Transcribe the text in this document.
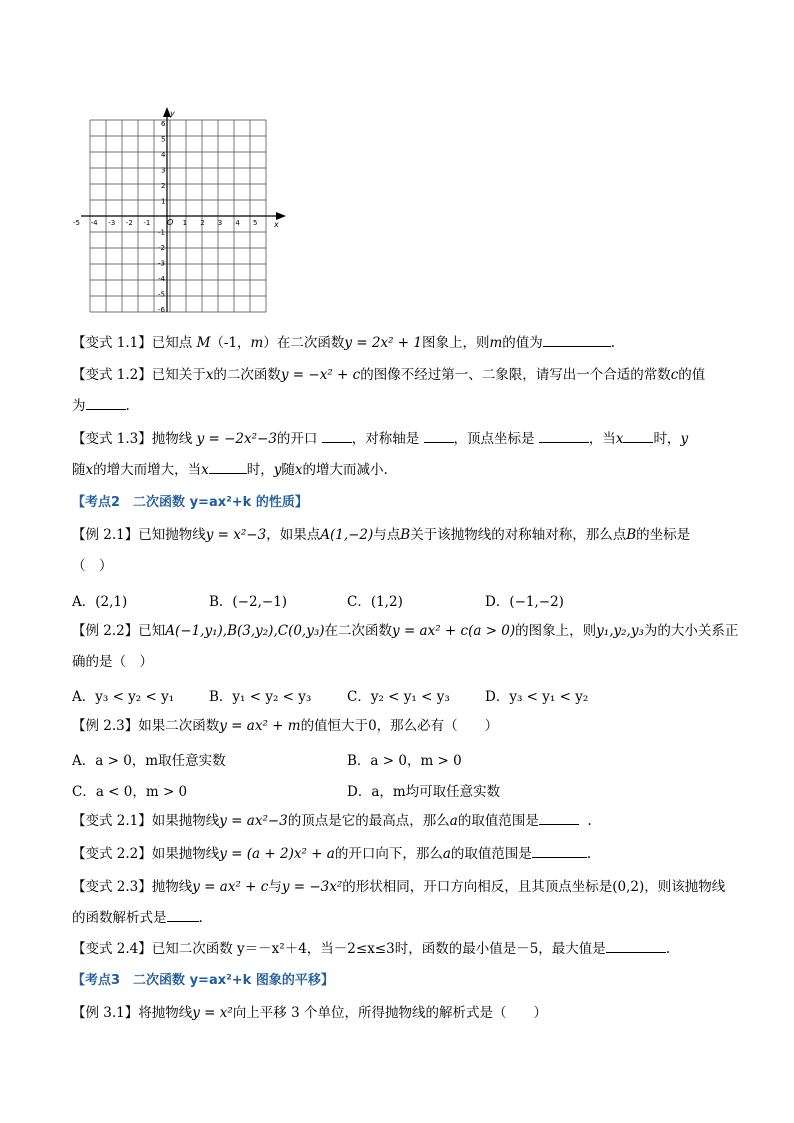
x
y
O
-5 -4 -3 -2 -1	1 2 3 4 5
6
5
4
3
2
1
-1
-2
-3
-4
-5
-6
【变式 1.1】已知点 M（-1，m）在二次函数y = 2x² + 1图象上，则m的值为	.
【变式 1.2】已知关于x的二次函数y = −x² + c的图像不经过第一、二象限，请写出一个合适的常数c的值
为	.
【变式 1.3】抛物线 y = −2x²−3的开口	，对称轴是	，顶点坐标是	，当x 时，y
随x的增大而增大，当x	时，y随x的增大而减小.
【考点2　二次函数 y=ax²+k 的性质】
【例 2.1】已知抛物线y = x²−3，如果点A(1,−2)与点B关于该抛物线的对称轴对称，那么点B的坐标是
（　）
A．(2,1)	B．(−2,−1)	C．(1,2)	D．(−1,−2)
【例 2.2】已知A(−1,y₁),B(3,y₂),C(0,y₃)在二次函数y = ax² + c(a > 0)的图象上，则y₁,y₂,y₃为的大小关系正
确的是（　）
A．y₃ < y₂ < y₁	B．y₁ < y₂ < y₃	C．y₂ < y₁ < y₃	D．y₃ < y₁ < y₂
【例 2.3】如果二次函数y = ax² + m的值恒大于0，那么必有（　　）
A．a > 0，m取任意实数	B．a > 0，m > 0
C．a < 0，m > 0	D．a，m均可取任意实数
【变式 2.1】如果抛物线y = ax²−3的顶点是它的最高点，那么a的取值范围是	.
【变式 2.2】如果抛物线y = (a + 2)x² + a的开口向下，那么a的取值范围是	.
【变式 2.3】抛物线y = ax² + c与y = −3x²的形状相同，开口方向相反，且其顶点坐标是(0,2)，则该抛物线
的函数解析式是 .
【变式 2.4】已知二次函数 y＝－x²＋4，当－2≤x≤3时，函数的最小值是－5，最大值是	.
【考点3　二次函数 y=ax²+k 图象的平移】
【例 3.1】将抛物线y = x²向上平移 3 个单位，所得抛物线的解析式是（　　）
